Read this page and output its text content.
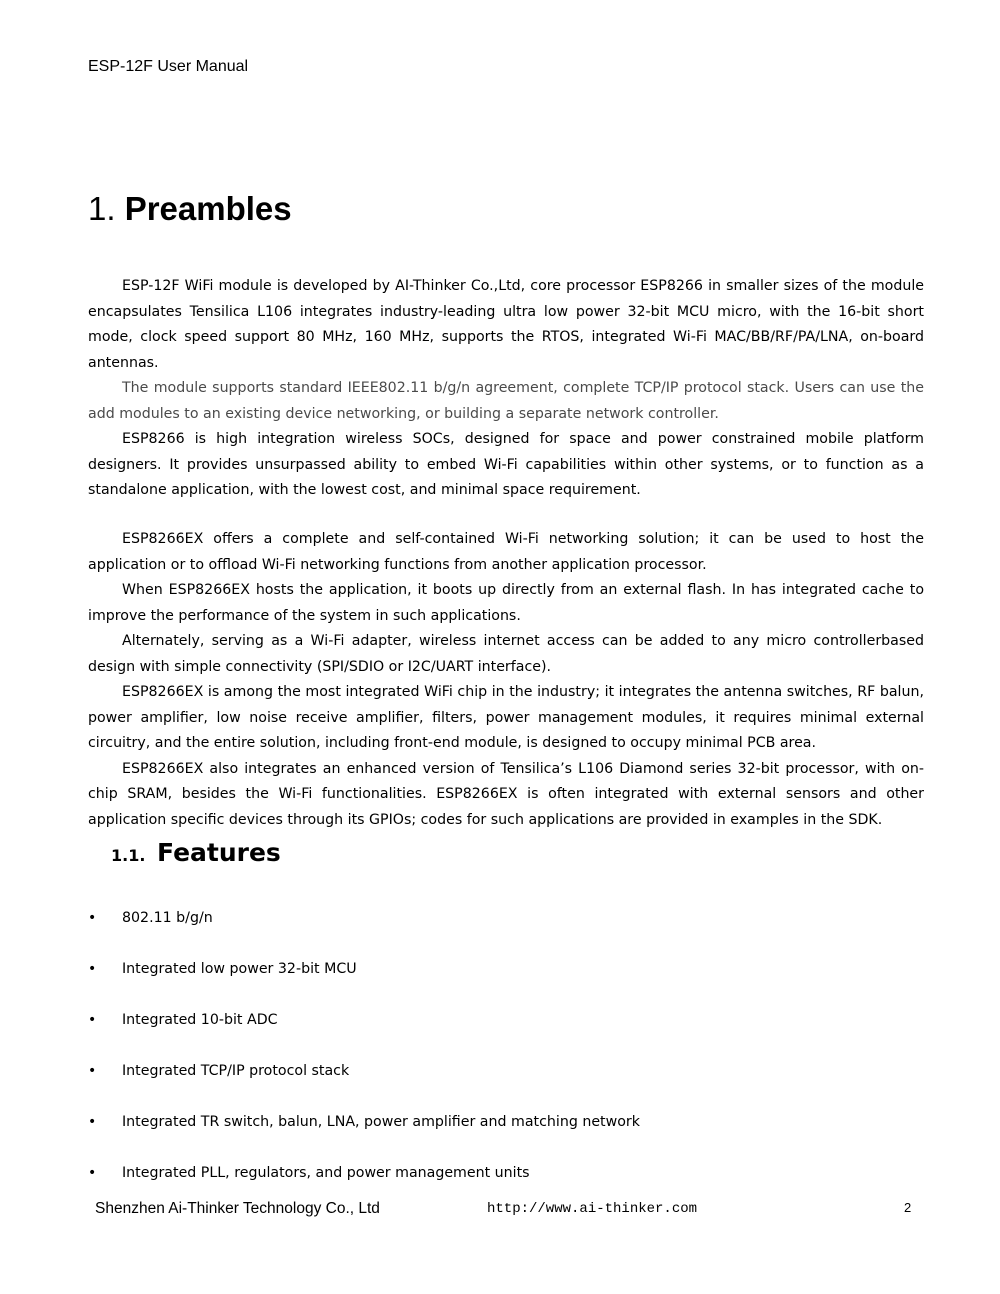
ESP-12F User Manual
1. Preambles

ESP-12F WiFi module is developed by AI-Thinker Co.,Ltd, core processor ESP8266 in smaller sizes of the module encapsulates Tensilica L106 integrates industry-leading ultra low power 32-bit MCU micro, with the 16-bit short mode, clock speed support 80 MHz, 160 MHz, supports the RTOS, integrated Wi-Fi MAC/BB/RF/PA/LNA, on-board antennas.

The module supports standard IEEE802.11 b/g/n agreement, complete TCP/IP protocol stack. Users can use the add modules to an existing device networking, or building a separate network controller.

ESP8266 is high integration wireless SOCs, designed for space and power constrained mobile platform designers. It provides unsurpassed ability to embed Wi-Fi capabilities within other systems, or to function as a standalone application, with the lowest cost, and minimal space requirement.

ESP8266EX offers a complete and self-contained Wi-Fi networking solution; it can be used to host the application or to offload Wi-Fi networking functions from another application processor.

When ESP8266EX hosts the application, it boots up directly from an external flash. In has integrated cache to improve the performance of the system in such applications.

Alternately, serving as a Wi-Fi adapter, wireless internet access can be added to any micro controllerbased design with simple connectivity (SPI/SDIO or I2C/UART interface).

ESP8266EX is among the most integrated WiFi chip in the industry; it integrates the antenna switches, RF balun, power amplifier, low noise receive amplifier, filters, power management modules, it requires minimal external circuitry, and the entire solution, including front-end module, is designed to occupy minimal PCB area.

ESP8266EX also integrates an enhanced version of Tensilica’s L106 Diamond series 32-bit processor, with on-chip SRAM, besides the Wi-Fi functionalities. ESP8266EX is often integrated with external sensors and other application specific devices through its GPIOs; codes for such applications are provided in examples in the SDK.

1.1. Features
• 802.11 b/g/n
• Integrated low power 32-bit MCU
• Integrated 10-bit ADC
• Integrated TCP/IP protocol stack
• Integrated TR switch, balun, LNA, power amplifier and matching network
• Integrated PLL, regulators, and power management units
Shenzhen Ai-Thinker Technology Co., Ltd	http://www.ai-thinker.com	2
